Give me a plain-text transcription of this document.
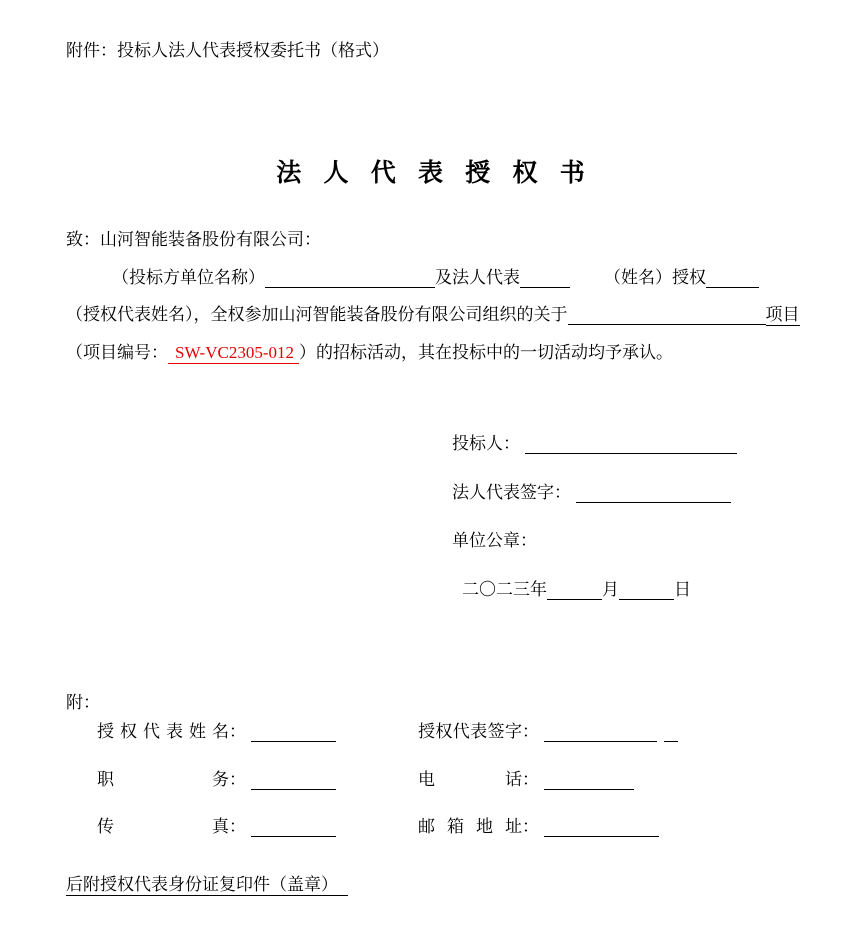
附件：投标人法人代表授权委托书（格式）
法 人 代 表 授 权 书
致：山河智能装备股份有限公司：
（投标方单位名称）	及法人代表	（姓名）授权
（授权代表姓名），全权参加山河智能装备股份有限公司组织的关于	项目
（项目编号： SW-VC2305-012 ）的招标活动，其在投标中的一切活动均予承认。
投标人：
法人代表签字：
单位公章：
二〇二三年	月	日
附：
授权代表姓名：	授权代表签字：
职务：	电话：
传真：	邮箱地址：
后附授权代表身份证复印件（盖章）
